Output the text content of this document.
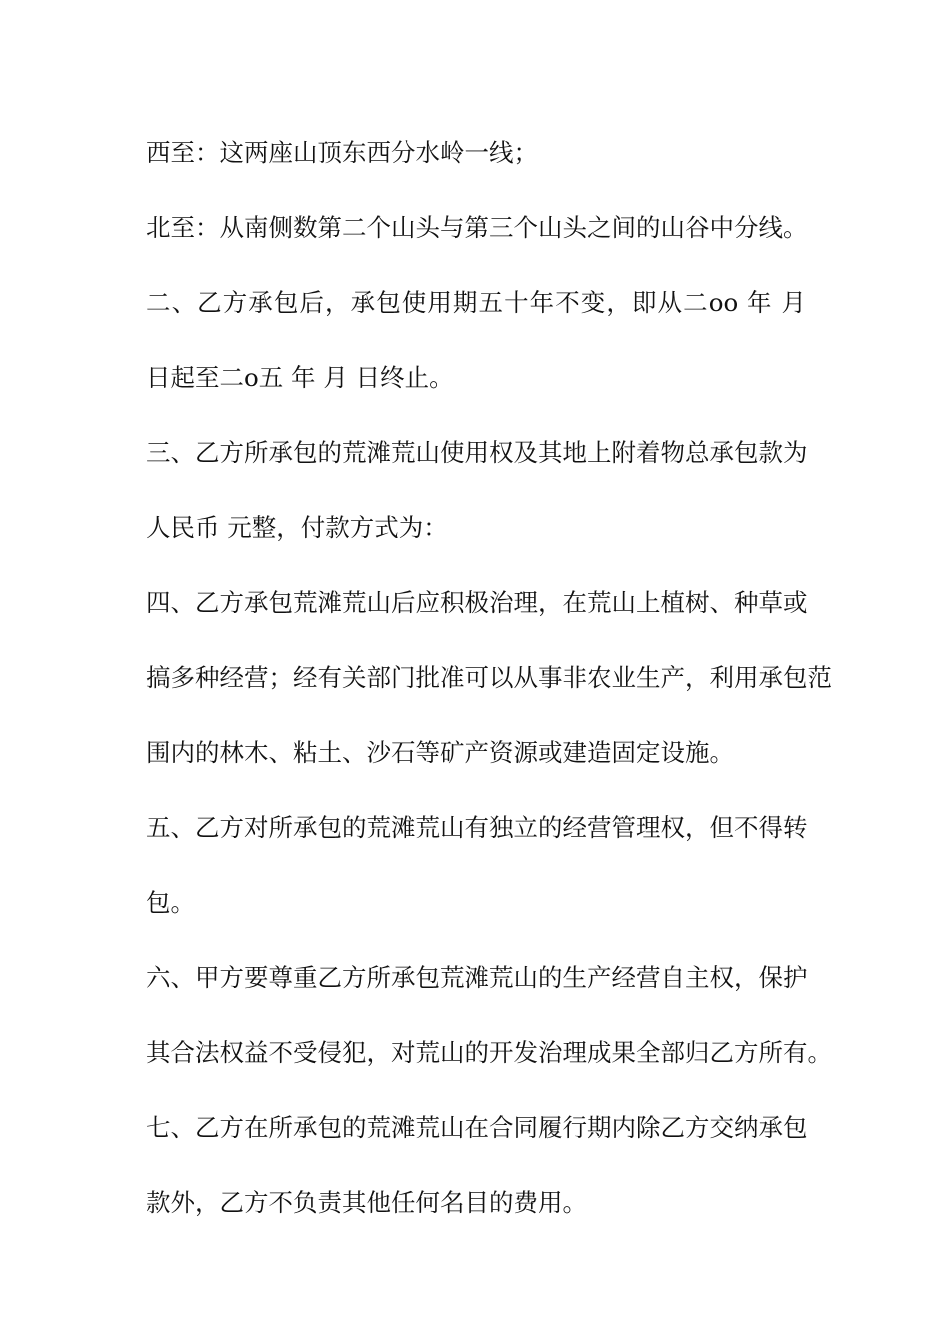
西至：这两座山顶东西分水岭一线；
北至：从南侧数第二个山头与第三个山头之间的山谷中分线。
二、乙方承包后，承包使用期五十年不变，即从二oo 年 月
日起至二o五 年 月 日终止。
三、乙方所承包的荒滩荒山使用权及其地上附着物总承包款为
人民币 元整，付款方式为：
四、乙方承包荒滩荒山后应积极治理，在荒山上植树、种草或
搞多种经营；经有关部门批准可以从事非农业生产，利用承包范
围内的林木、粘土、沙石等矿产资源或建造固定设施。
五、乙方对所承包的荒滩荒山有独立的经营管理权，但不得转
包。
六、甲方要尊重乙方所承包荒滩荒山的生产经营自主权，保护
其合法权益不受侵犯，对荒山的开发治理成果全部归乙方所有。
七、乙方在所承包的荒滩荒山在合同履行期内除乙方交纳承包
款外，乙方不负责其他任何名目的费用。
